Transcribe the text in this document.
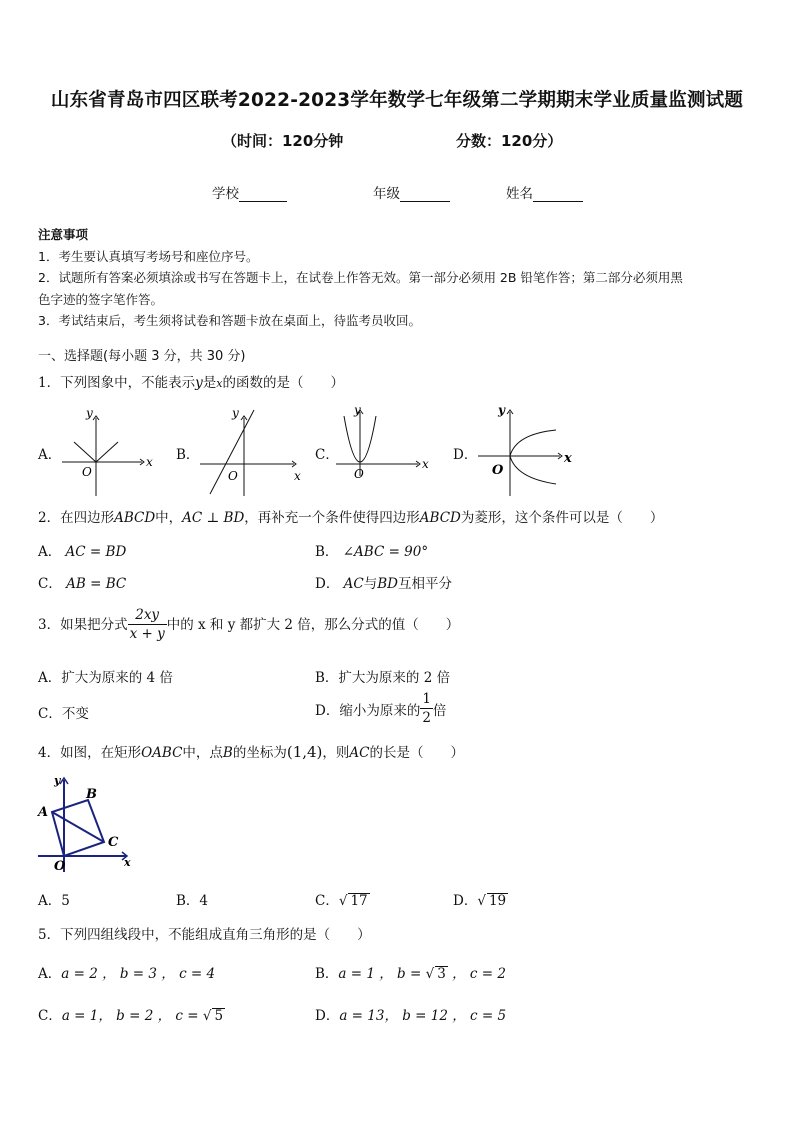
山东省青岛市四区联考2022-2023学年数学七年级第二学期期末学业质量监测试题
（时间：120分钟	分数：120分）
学校	年级	姓名
注意事项
1．考生要认真填写考场号和座位序号。
2．试题所有答案必须填涂或书写在答题卡上，在试卷上作答无效。第一部分必须用 2B 铅笔作答；第二部分必须用黑
色字迹的签字笔作答。
3．考试结束后，考生须将试卷和答题卡放在桌面上，待监考员收回。
一、选择题(每小题 3 分，共 30 分)
1．下列图象中，不能表示y是x的函数的是（　　）
A．
y
x
O
B．
y
x
O
C．
y
x
O
D．
y
x
O
2．在四边形ABCD中，AC ⊥ BD，再补充一个条件使得四边形ABCD为菱形，这个条件可以是（　　）
A． AC = BD	B． ∠ABC = 90°
C． AB = BC	D． AC与BD互相平分
3．如果把分式 $\frac{2xy}{x + y}$ 中的 x 和 y 都扩大 2 倍，那么分式的值（　　）
A．扩大为原来的 4 倍	B．扩大为原来的 2 倍
C．不变	D． 缩小为原来的 $\frac{1}{2}$ 倍
4．如图，在矩形OABC中，点B的坐标为(1,4)，则AC的长是（　　）
y
x
A
B
C
O
A．5	B．4	C．√ 17	D．√ 19
5．下列四组线段中，不能组成直角三角形的是（　　）
A．a = 2 ， b = 3 ， c = 4	B．a = 1 ， b = √ 3 ， c = 2
C．a = 1， b = 2 ， c = √ 5	D．a = 13， b = 12 ， c = 5
